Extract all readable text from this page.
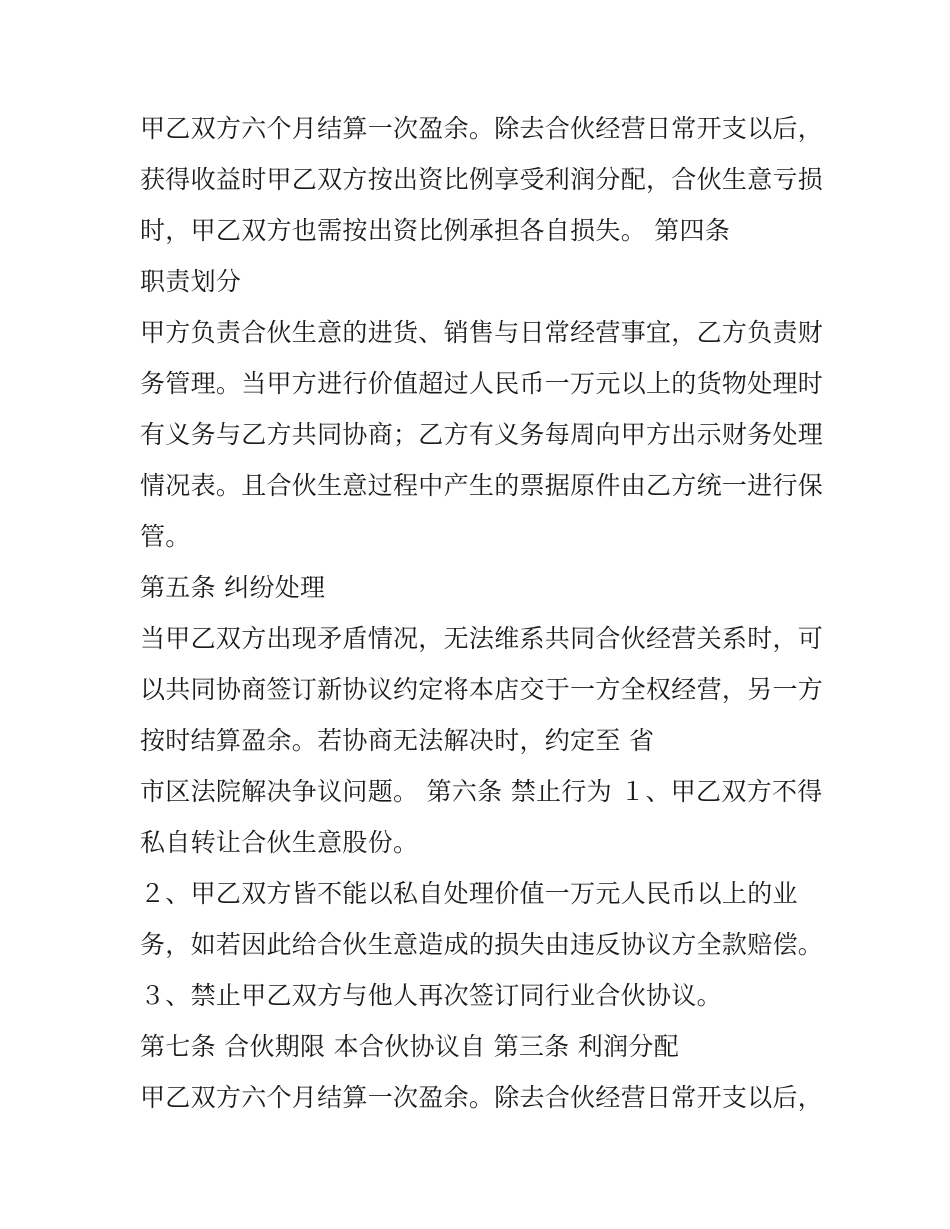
甲乙双方六个月结算一次盈余。除去合伙经营日常开支以后，
获得收益时甲乙双方按出资比例享受利润分配，合伙生意亏损
时，甲乙双方也需按出资比例承担各自损失。 第四条
职责划分
甲方负责合伙生意的进货、销售与日常经营事宜，乙方负责财
务管理。当甲方进行价值超过人民币一万元以上的货物处理时
有义务与乙方共同协商；乙方有义务每周向甲方出示财务处理
情况表。且合伙生意过程中产生的票据原件由乙方统一进行保
管。
第五条 纠纷处理
当甲乙双方出现矛盾情况，无法维系共同合伙经营关系时，可
以共同协商签订新协议约定将本店交于一方全权经营，另一方
按时结算盈余。若协商无法解决时，约定至 省
市区法院解决争议问题。 第六条 禁止行为 １、甲乙双方不得
私自转让合伙生意股份。
２、甲乙双方皆不能以私自处理价值一万元人民币以上的业
务，如若因此给合伙生意造成的损失由违反协议方全款赔偿。
３、禁止甲乙双方与他人再次签订同行业合伙协议。
第七条 合伙期限 本合伙协议自 第三条 利润分配
甲乙双方六个月结算一次盈余。除去合伙经营日常开支以后，
